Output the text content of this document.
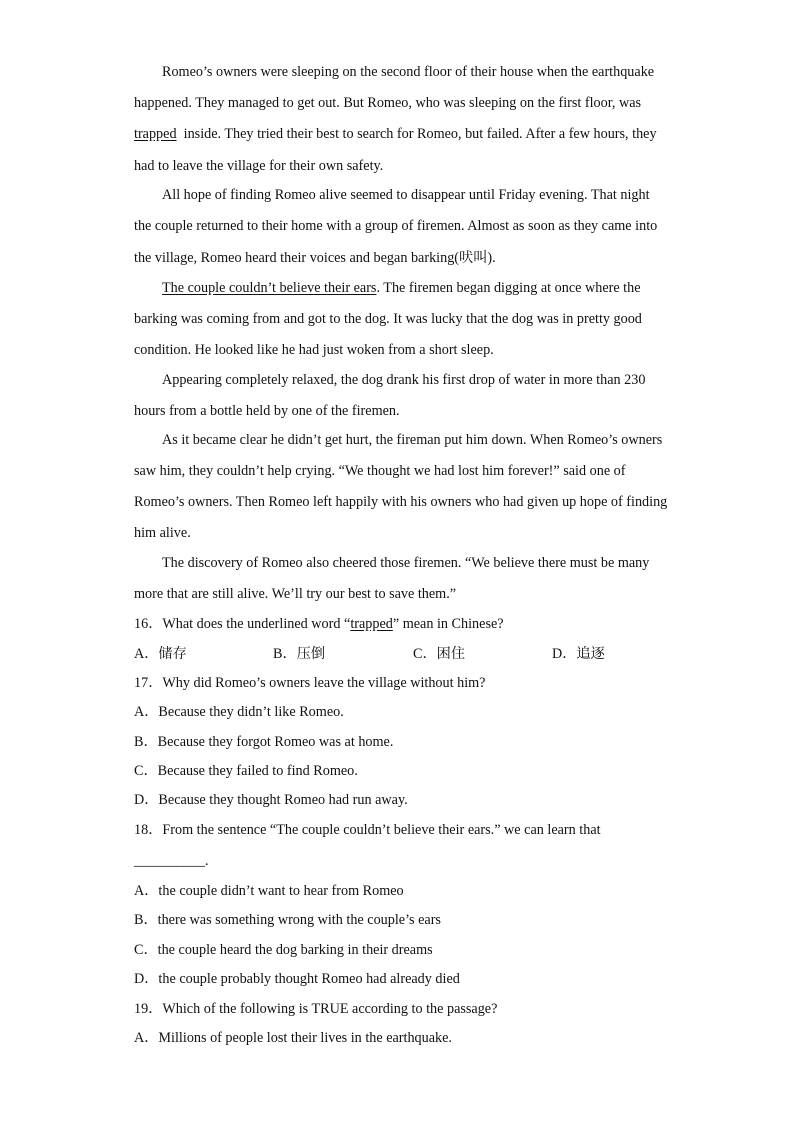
Romeo’s owners were sleeping on the second floor of their house when the earthquake
happened. They managed to get out. But Romeo, who was sleeping on the first floor, was
trapped  inside. They tried their best to search for Romeo, but failed. After a few hours, they
had to leave the village for their own safety.
All hope of finding Romeo alive seemed to disappear until Friday evening. That night
the couple returned to their home with a group of firemen. Almost as soon as they came into
the village, Romeo heard their voices and began barking(吠叫).
The couple couldn’t believe their ears. The firemen began digging at once where the
barking was coming from and got to the dog. It was lucky that the dog was in pretty good
condition. He looked like he had just woken from a short sleep.
Appearing completely relaxed, the dog drank his first drop of water in more than 230
hours from a bottle held by one of the firemen.
As it became clear he didn’t get hurt, the fireman put him down. When Romeo’s owners
saw him, they couldn’t help crying. “We thought we had lost him forever!” said one of
Romeo’s owners. Then Romeo left happily with his owners who had given up hope of finding
him alive.
The discovery of Romeo also cheered those firemen. “We believe there must be many
more that are still alive. We’ll try our best to save them.”
16．What does the underlined word “trapped” mean in Chinese?
A．储存	B．压倒	C．困住	D．追逐
17．Why did Romeo’s owners leave the village without him?
A．Because they didn’t like Romeo.
B．Because they forgot Romeo was at home.
C．Because they failed to find Romeo.
D．Because they thought Romeo had run away.
18．From the sentence “The couple couldn’t believe their ears.” we can learn that
__________.
A．the couple didn’t want to hear from Romeo
B．there was something wrong with the couple’s ears
C．the couple heard the dog barking in their dreams
D．the couple probably thought Romeo had already died
19．Which of the following is TRUE according to the passage?
A．Millions of people lost their lives in the earthquake.
